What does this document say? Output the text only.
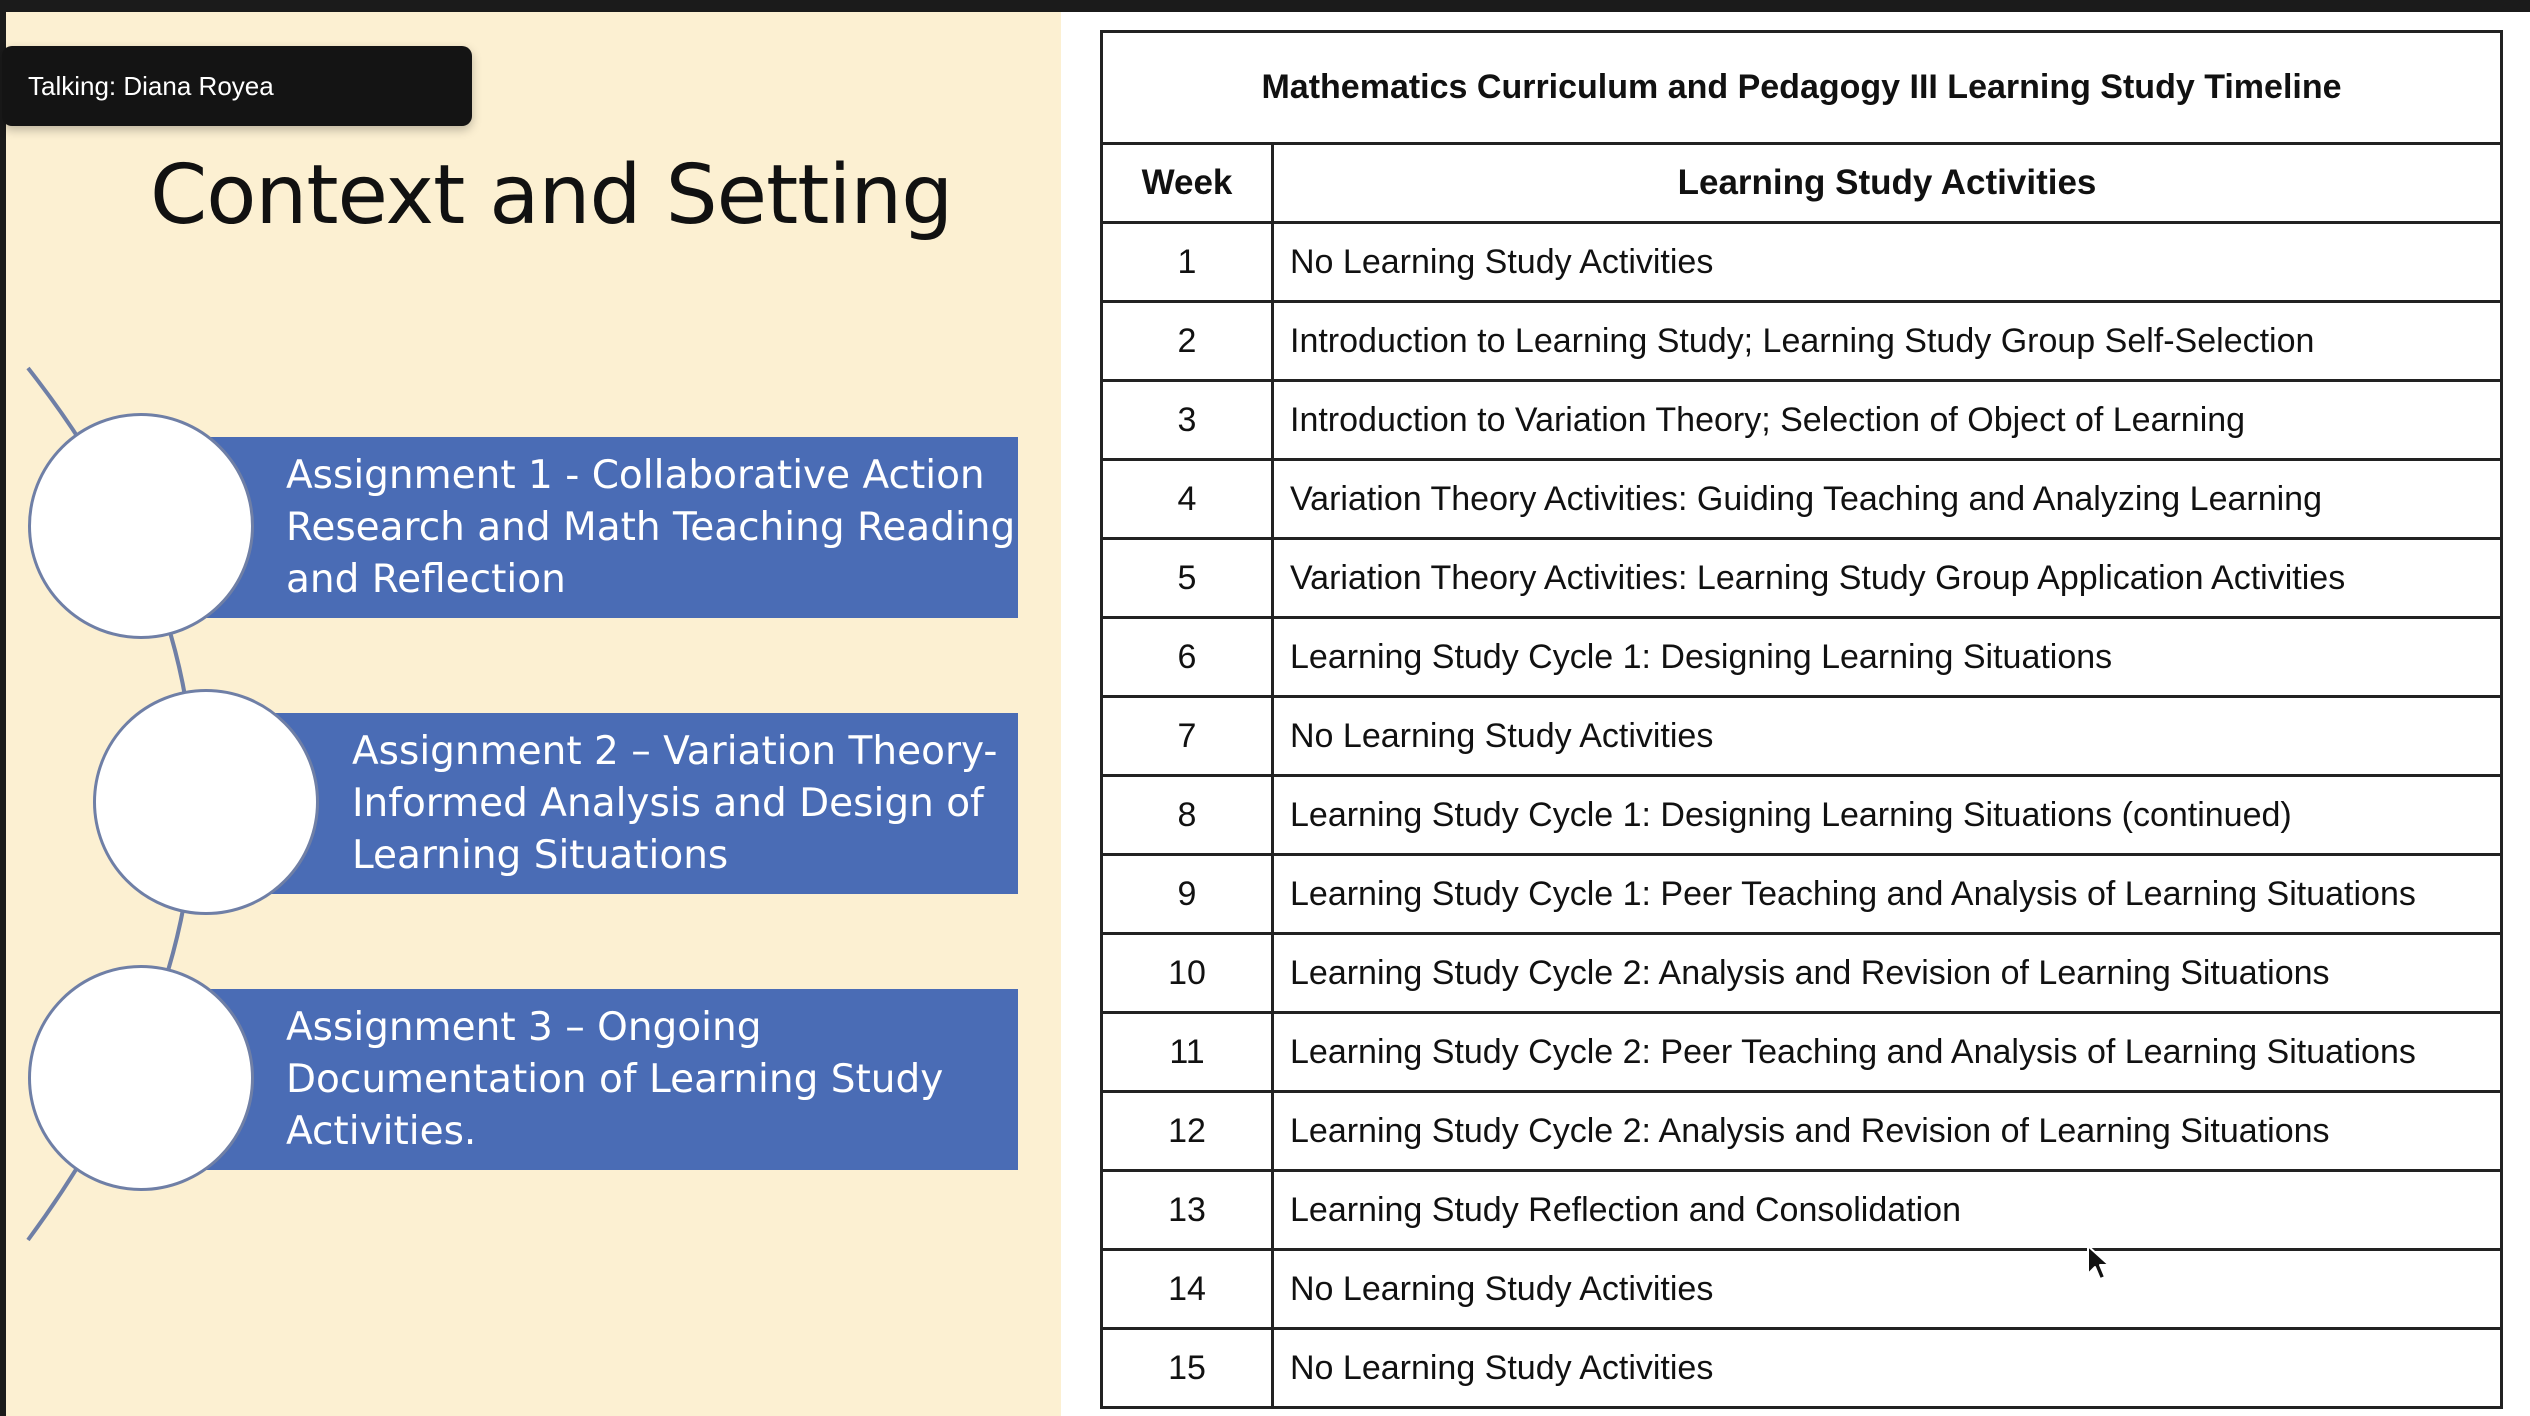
Talking: Diana Royea
Context and Setting
Assignment 1 - Collaborative Action
Research and Math Teaching Reading
and Reflection
Assignment 2 – Variation Theory-
Informed Analysis and Design of
Learning Situations
Assignment 3 – Ongoing
Documentation of Learning Study
Activities.
Mathematics Curriculum and Pedagogy III Learning Study Timeline
Week	Learning Study Activities
1	No Learning Study Activities
2	Introduction to Learning Study; Learning Study Group Self-Selection
3	Introduction to Variation Theory; Selection of Object of Learning
4	Variation Theory Activities: Guiding Teaching and Analyzing Learning
5	Variation Theory Activities: Learning Study Group Application Activities
6	Learning Study Cycle 1: Designing Learning Situations
7	No Learning Study Activities
8	Learning Study Cycle 1: Designing Learning Situations (continued)
9	Learning Study Cycle 1: Peer Teaching and Analysis of Learning Situations
10	Learning Study Cycle 2: Analysis and Revision of Learning Situations
11	Learning Study Cycle 2: Peer Teaching and Analysis of Learning Situations
12	Learning Study Cycle 2: Analysis and Revision of Learning Situations
13	Learning Study Reflection and Consolidation
14	No Learning Study Activities
15	No Learning Study Activities
